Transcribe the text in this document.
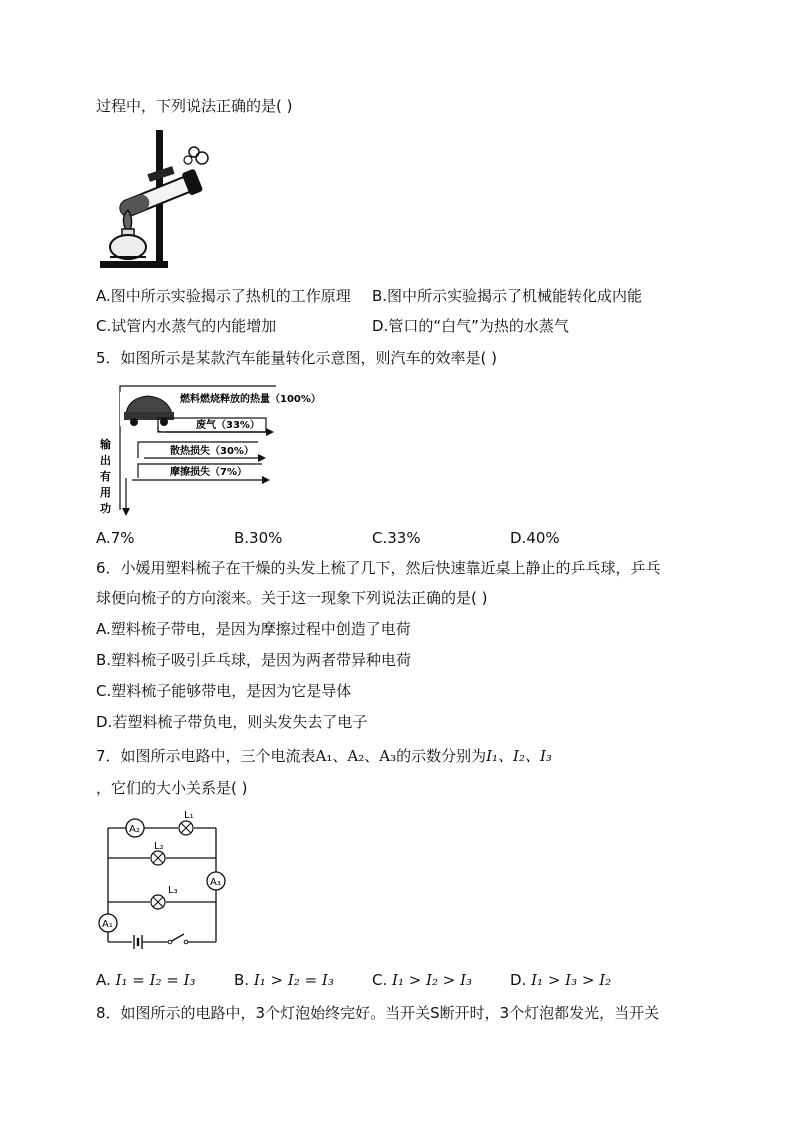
过程中，下列说法正确的是( )
A.图中所示实验揭示了热机的工作原理 B.图中所示实验揭示了机械能转化成内能
C.试管内水蒸气的内能增加	D.管口的“白气”为热的水蒸气
5．如图所示是某款汽车能量转化示意图，则汽车的效率是( )
燃料燃烧释放的热量（100%）
废气（33%）
散热损失（30%）
摩擦损失（7%）
输
出
有
用
功
A.7%	B.30%	C.33%	D.40%
6．小媛用塑料梳子在干燥的头发上梳了几下，然后快速靠近桌上静止的乒乓球，乒乓
球便向梳子的方向滚来。关于这一现象下列说法正确的是( )
A.塑料梳子带电，是因为摩擦过程中创造了电荷
B.塑料梳子吸引乒乓球，是因为两者带异种电荷
C.塑料梳子能够带电，是因为它是导体
D.若塑料梳子带负电，则头发失去了电子
7．如图所示电路中，三个电流表A₁、A₂、A₃的示数分别为I₁、I₂、I₃
，它们的大小关系是( )
A₂
A₃
A₁
L₁
L₂
L₃
A. I₁ = I₂ = I₃	B. I₁ > I₂ = I₃	C. I₁ > I₂ > I₃	D. I₁ > I₃ > I₂
8．如图所示的电路中，3个灯泡始终完好。当开关S断开时，3个灯泡都发光，当开关
